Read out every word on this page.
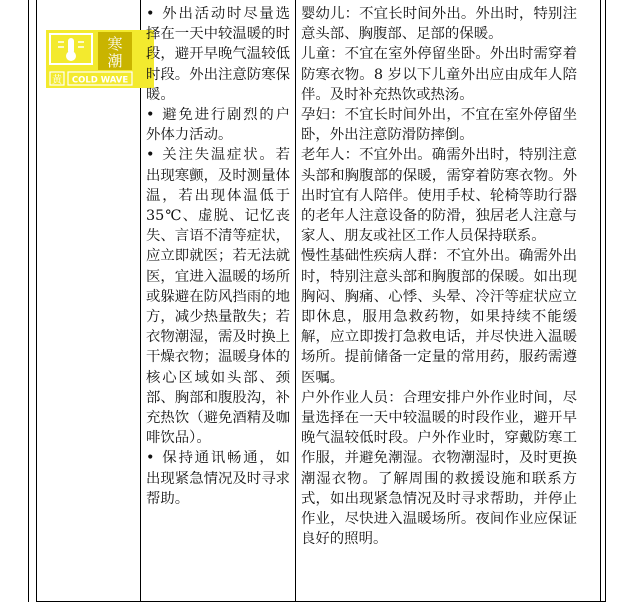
寒
潮
黄 COLD WAVE

• 外出活动时尽量选择在一天中较温暖的时段，避开早晚气温较低时段。外出注意防寒保暖。

• 避免进行剧烈的户外体力活动。

• 关注失温症状。若出现寒颤，及时测量体温，若出现体温低于 35℃、虚脱、记忆丧失、言语不清等症状，应立即就医；若无法就医，宜进入温暖的场所或躲避在防风挡雨的地方，减少热量散失；若衣物潮湿，需及时换上干燥衣物；温暖身体的核心区域如头部、颈部、胸部和腹股沟，补充热饮（避免酒精及咖啡饮品）。

• 保持通讯畅通，如出现紧急情况及时寻求帮助。

婴幼儿：不宜长时间外出。外出时，特别注意头部、胸腹部、足部的保暖。

儿童：不宜在室外停留坐卧。外出时需穿着防寒衣物。8 岁以下儿童外出应由成年人陪伴。及时补充热饮或热汤。

孕妇：不宜长时间外出，不宜在室外停留坐卧，外出注意防滑防摔倒。

老年人：不宜外出。确需外出时，特别注意头部和胸腹部的保暖，需穿着防寒衣物。外出时宜有人陪伴。使用手杖、轮椅等助行器的老年人注意设备的防滑，独居老人注意与家人、朋友或社区工作人员保持联系。

慢性基础性疾病人群：不宜外出。确需外出时，特别注意头部和胸腹部的保暖。如出现胸闷、胸痛、心悸、头晕、冷汗等症状应立即休息，服用急救药物，如果持续不能缓解，应立即拨打急救电话，并尽快进入温暖场所。提前储备一定量的常用药，服药需遵医嘱。

户外作业人员：合理安排户外作业时间，尽量选择在一天中较温暖的时段作业，避开早晚气温较低时段。户外作业时，穿戴防寒工作服，并避免潮湿。衣物潮湿时，及时更换潮湿衣物。了解周围的救援设施和联系方式，如出现紧急情况及时寻求帮助，并停止作业，尽快进入温暖场所。夜间作业应保证良好的照明。
